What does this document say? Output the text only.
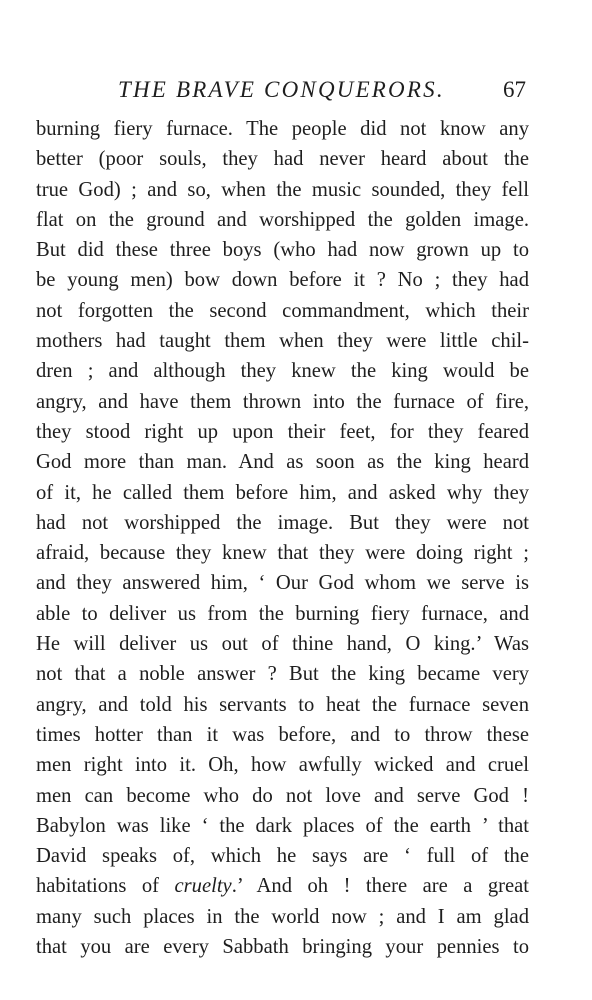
THE BRAVE CONQUERORS.	67
burning fiery furnace. The people did not know any
better (poor souls, they had never heard about the
true God) ; and so, when the music sounded, they fell
flat on the ground and worshipped the golden image.
But did these three boys (who had now grown up to
be young men) bow down before it ? No ; they had
not forgotten the second commandment, which their
mothers had taught them when they were little chil-
dren ; and although they knew the king would be
angry, and have them thrown into the furnace of fire,
they stood right up upon their feet, for they feared
God more than man. And as soon as the king heard
of it, he called them before him, and asked why they
had not worshipped the image. But they were not
afraid, because they knew that they were doing right ;
and they answered him, ‘ Our God whom we serve is
able to deliver us from the burning fiery furnace, and
He will deliver us out of thine hand, O king.’ Was
not that a noble answer ? But the king became very
angry, and told his servants to heat the furnace seven
times hotter than it was before, and to throw these
men right into it. Oh, how awfully wicked and cruel
men can become who do not love and serve God !
Babylon was like ‘ the dark places of the earth ’ that
David speaks of, which he says are ‘ full of the
habitations of cruelty.’ And oh ! there are a great
many such places in the world now ; and I am glad
that you are every Sabbath bringing your pennies to
